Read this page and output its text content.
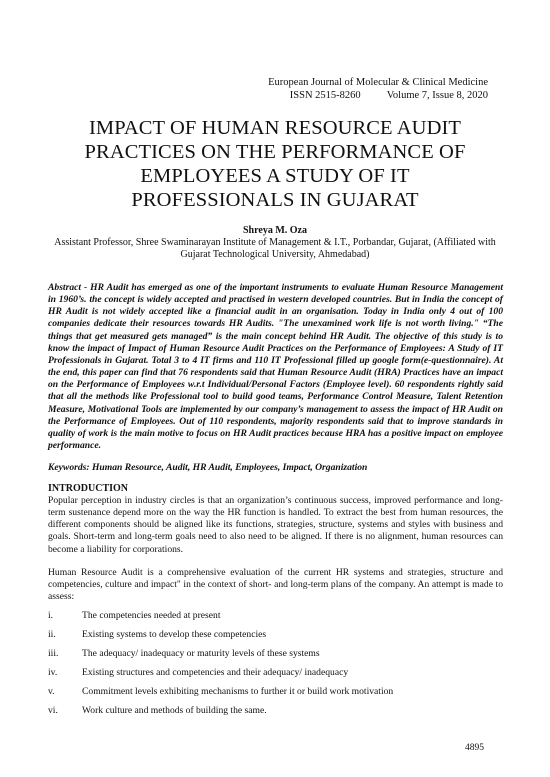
European Journal of Molecular & Clinical Medicine
ISSN 2515-8260 Volume 7, Issue 8, 2020
IMPACT OF HUMAN RESOURCE AUDIT
PRACTICES ON THE PERFORMANCE OF
EMPLOYEES A STUDY OF IT
PROFESSIONALS IN GUJARAT
Shreya M. Oza
Assistant Professor, Shree Swaminarayan Institute of Management & I.T., Porbandar, Gujarat, (Affiliated with Gujarat Technological University, Ahmedabad)
Abstract - HR Audit has emerged as one of the important instruments to evaluate Human Resource Management in 1960’s. the concept is widely accepted and practised in western developed countries. But in India the concept of HR Audit is not widely accepted like a financial audit in an organisation. Today in India only 4 out of 100 companies dedicate their resources towards HR Audits. "The unexamined work life is not worth living." “The things that get measured gets managed” is the main concept behind HR Audit. The objective of this study is to know the impact of Impact of Human Resource Audit Practices on the Performance of Employees: A Study of IT Professionals in Gujarat. Total 3 to 4 IT firms and 110 IT Professional filled up google form(e-questionnaire). At the end, this paper can find that 76 respondents said that Human Resource Audit (HRA) Practices have an impact on the Performance of Employees w.r.t Individual/Personal Factors (Employee level). 60 respondents rightly said that all the methods like Professional tool to build good teams, Performance Control Measure, Talent Retention Measure, Motivational Tools are implemented by our company’s management to assess the impact of HR Audit on the Performance of Employees. Out of 110 respondents, majority respondents said that to improve standards in quality of work is the main motive to focus on HR Audit practices because HRA has a positive impact on employee performance.
Keywords: Human Resource, Audit, HR Audit, Employees, Impact, Organization
INTRODUCTION
Popular perception in industry circles is that an organization’s continuous success, improved performance and long-term sustenance depend more on the way the HR function is handled. To extract the best from human resources, the different components should be aligned like its functions, strategies, structure, systems and styles with business and goals. Short-term and long-term goals need to also need to be aligned. If there is no alignment, human resources can become a liability for corporations.
Human Resource Audit is a comprehensive evaluation of the current HR systems and strategies, structure and competencies, culture and impact" in the context of short- and long-term plans of the company. An attempt is made to assess:
i.	The competencies needed at present
ii.	Existing systems to develop these competencies
iii.	The adequacy/ inadequacy or maturity levels of these systems
iv.	Existing structures and competencies and their adequacy/ inadequacy
v.	Commitment levels exhibiting mechanisms to further it or build work motivation
vi.	Work culture and methods of building the same.
4895
